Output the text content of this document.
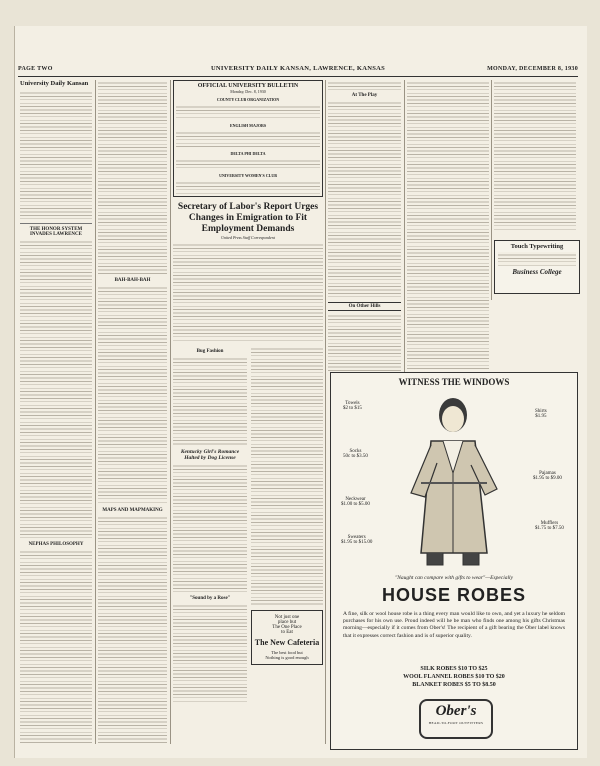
PAGE TWO	UNIVERSITY DAILY KANSAN, LAWRENCE, KANSAS	MONDAY, DECEMBER 8, 1930
University Daily Kansan
THE HONOR SYSTEM INVADES LAWRENCE
NEPHAS PHILOSOPHY
BAH-BAH-BAH
MAPS AND MAPMAKING
OFFICIAL UNIVERSITY BULLETIN
Monday, Dec. 8, 1930
COUNTY CLUB ORGANIZATION
ENGLISH MAJORS
DELTA PHI DELTA
UNIVERSITY WOMEN'S CLUB
Secretary of Labor's Report Urges Changes in Emigration to Fit Employment Demands
United Press Staff Correspondent
Bug Fashion
Kentucky Girl's Romance Halted by Dog License
"Sound by a Rose"
Not just one
place but
The One Place
to Eat
The New Cafeteria
The best food but
Nothing is good enough
At The Play
On Other Hills
Touch Typewriting
Business College
WITNESS THE WINDOWS
Towels
$2 to $15
Shirts
$1.95
Socks
50c to $3.50
Pajamas
$1.95 to $9.00
Neckwear
$1.00 to $5.00
Sweaters
$1.95 to $15.00
Mufflers
$1.75 to $7.50
"Naught can compare with gifts to wear"—Especially
HOUSE ROBES
A fine, silk or wool house robe is a thing every man would like to own, and yet a luxury he seldom purchases for his own use. Proud indeed will he be man who finds one among his gifts Christmas morning—especially if it comes from Ober's! The recipient of a gift bearing the Ober label knows that it expresses correct fashion and is of superior quality.
SILK ROBES $10 TO $25
WOOL FLANNEL ROBES $10 TO $20
BLANKET ROBES $5 TO $8.50
Ober's
HEAD-TO-FOOT OUTFITTERS
